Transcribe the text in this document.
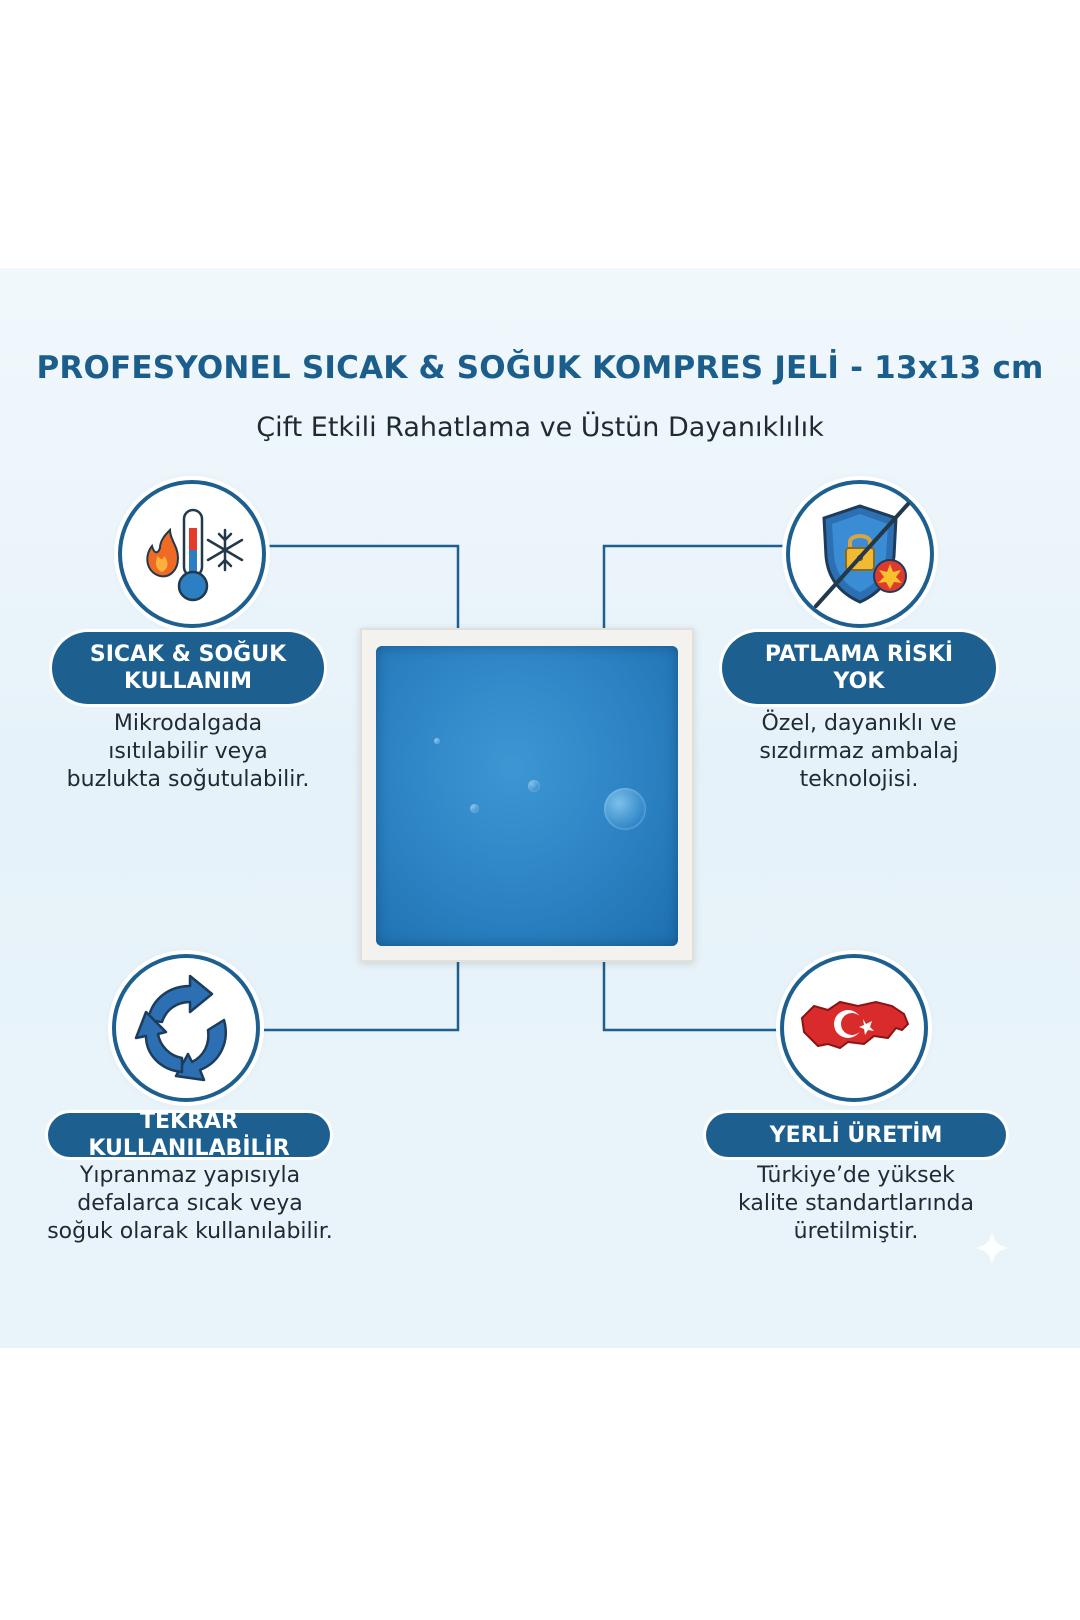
PROFESYONEL SICAK & SOĞUK KOMPRES JELİ - 13x13 cm
Çift Etkili Rahatlama ve Üstün Dayanıklılık
SICAK & SOĞUK
KULLANIM
Mikrodalgada
ısıtılabilir veya
buzlukta soğutulabilir.
PATLAMA RİSKİ
YOK
Özel, dayanıklı ve
sızdırmaz ambalaj
teknolojisi.
TEKRAR KULLANILABİLİR
Yıpranmaz yapısıyla
defalarca sıcak veya
soğuk olarak kullanılabilir.
YERLİ ÜRETİM
Türkiye’de yüksek
kalite standartlarında
üretilmiştir.
